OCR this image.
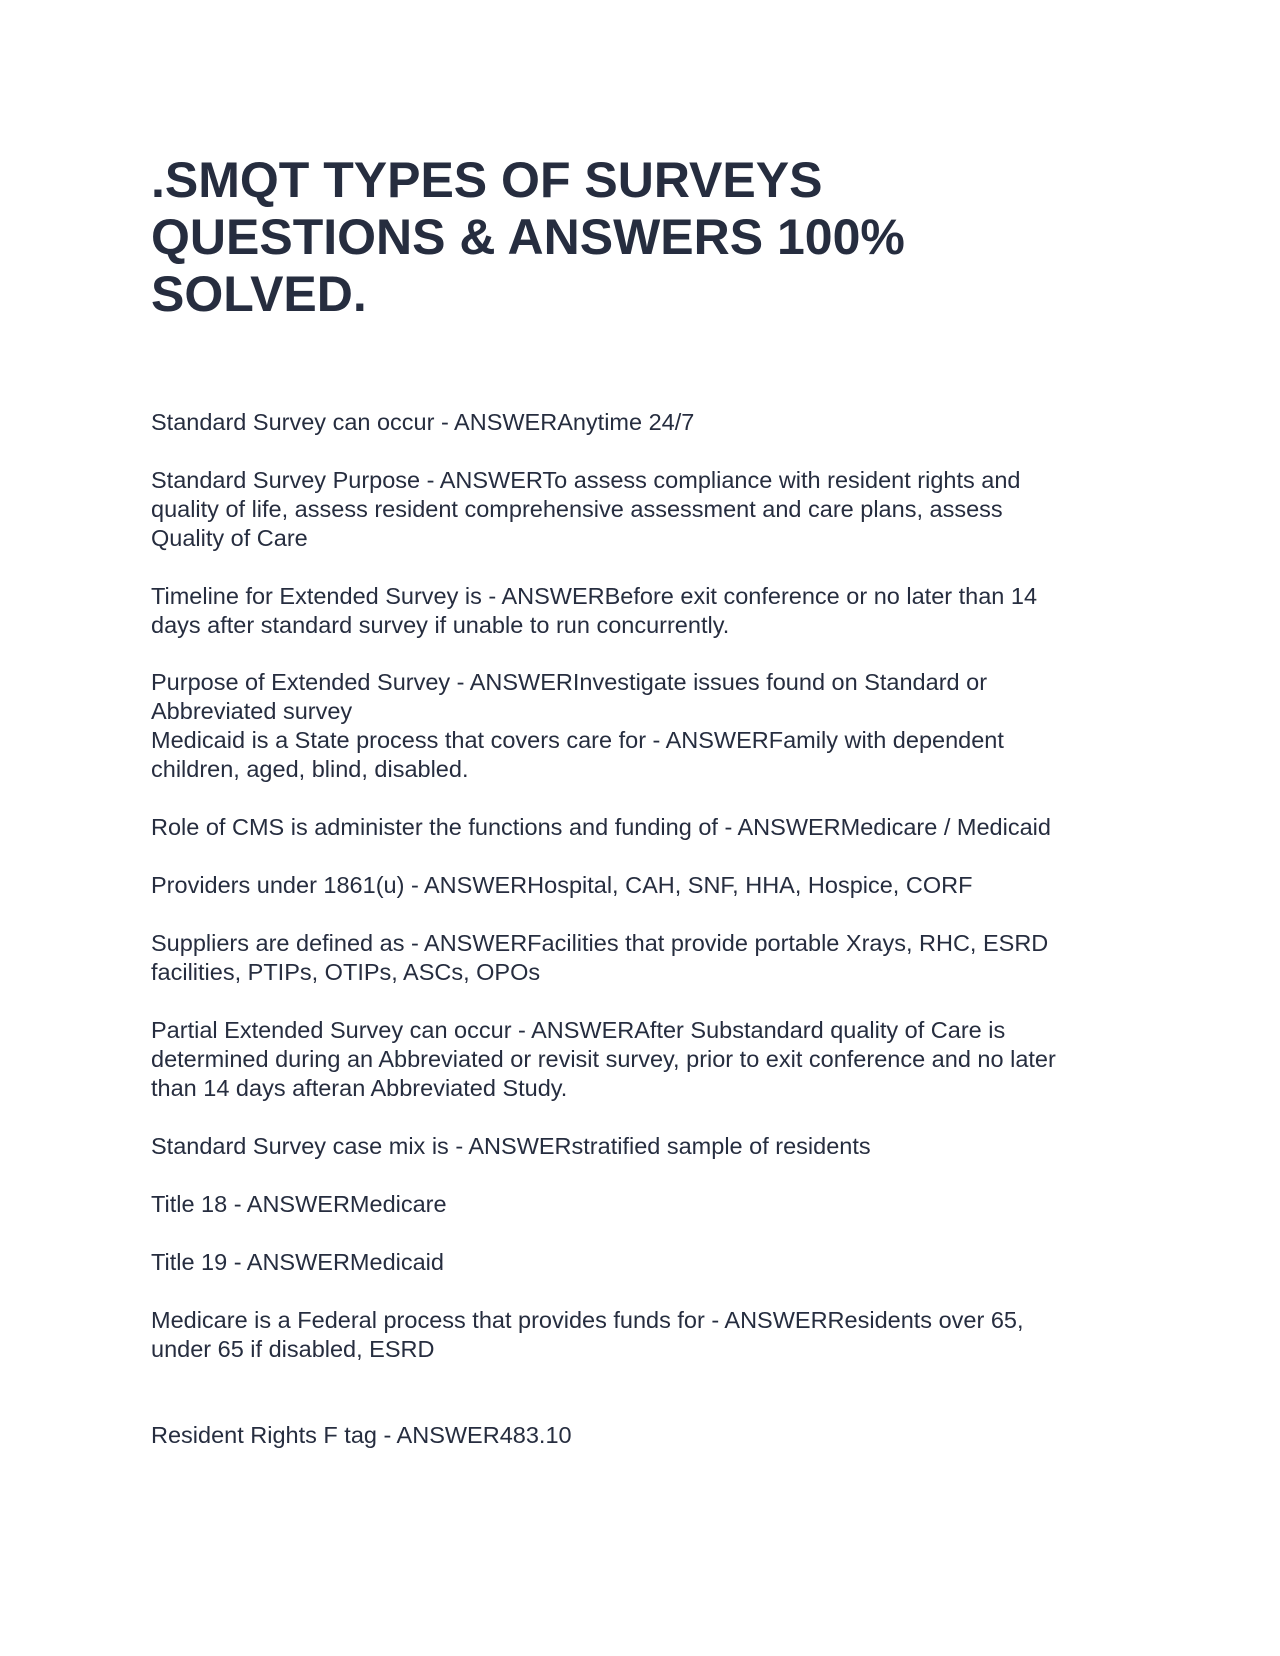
.SMQT TYPES OF SURVEYS
QUESTIONS & ANSWERS 100%
SOLVED.

Standard Survey can occur - ANSWERAnytime 24/7

Standard Survey Purpose - ANSWERTo assess compliance with resident rights and
quality of life, assess resident comprehensive assessment and care plans, assess
Quality of Care

Timeline for Extended Survey is - ANSWERBefore exit conference or no later than 14
days after standard survey if unable to run concurrently.

Purpose of Extended Survey - ANSWERInvestigate issues found on Standard or
Abbreviated survey

Medicaid is a State process that covers care for - ANSWERFamily with dependent
children, aged, blind, disabled.

Role of CMS is administer the functions and funding of - ANSWERMedicare / Medicaid

Providers under 1861(u) - ANSWERHospital, CAH, SNF, HHA, Hospice, CORF

Suppliers are defined as - ANSWERFacilities that provide portable Xrays, RHC, ESRD
facilities, PTIPs, OTIPs, ASCs, OPOs

Partial Extended Survey can occur - ANSWERAfter Substandard quality of Care is
determined during an Abbreviated or revisit survey, prior to exit conference and no later
than 14 days afteran Abbreviated Study.

Standard Survey case mix is - ANSWERstratified sample of residents

Title 18 - ANSWERMedicare

Title 19 - ANSWERMedicaid

Medicare is a Federal process that provides funds for - ANSWERResidents over 65,
under 65 if disabled, ESRD

Resident Rights F tag - ANSWER483.10
